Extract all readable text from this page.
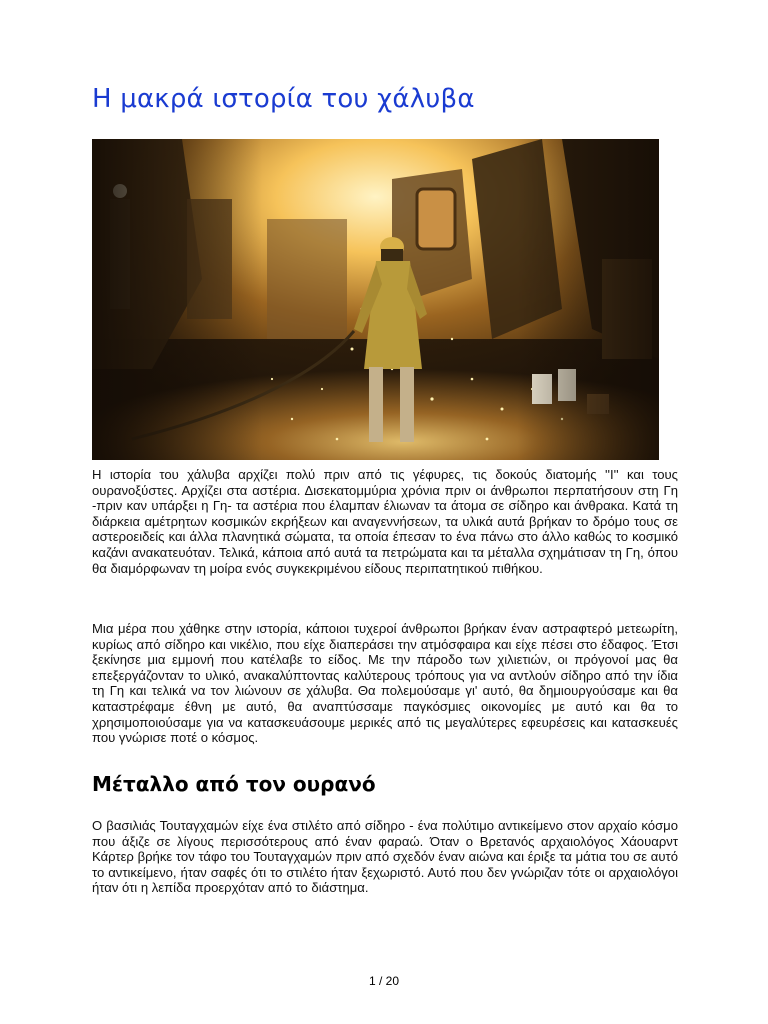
Η μακρά ιστορία του χάλυβα

Η ιστορία του χάλυβα αρχίζει πολύ πριν από τις γέφυρες, τις δοκούς διατομής ''Ι'' και τους ουρανοξύστες. Αρχίζει στα αστέρια. Δισεκατομμύρια χρόνια πριν οι άνθρωποι περπατήσουν στη Γη -πριν καν υπάρξει η Γη- τα αστέρια που έλαμπαν έλιωναν τα άτομα σε σίδηρο και άνθρακα. Κατά τη διάρκεια αμέτρητων κοσμικών εκρήξεων και αναγεννήσεων, τα υλικά αυτά βρήκαν το δρόμο τους σε αστεροειδείς και άλλα πλανητικά σώματα, τα οποία έπεσαν το ένα πάνω στο άλλο καθώς το κοσμικό καζάνι ανακατευόταν. Τελικά, κάποια από αυτά τα πετρώματα και τα μέταλλα σχημάτισαν τη Γη, όπου θα διαμόρφωναν τη μοίρα ενός συγκεκριμένου είδους περιπατητικού πιθήκου.

Μια μέρα που χάθηκε στην ιστορία, κάποιοι τυχεροί άνθρωποι βρήκαν έναν αστραφτερό μετεωρίτη, κυρίως από σίδηρο και νικέλιο, που είχε διαπεράσει την ατμόσφαιρα και είχε πέσει στο έδαφος. Έτσι ξεκίνησε μια εμμονή που κατέλαβε το είδος. Με την πάροδο των χιλιετιών, οι πρόγονοί μας θα επεξεργάζονταν το υλικό, ανακαλύπτοντας καλύτερους τρόπους για να αντλούν σίδηρο από την ίδια τη Γη και τελικά να τον λιώνουν σε χάλυβα. Θα πολεμούσαμε γι' αυτό, θα δημιουργούσαμε και θα καταστρέφαμε έθνη με αυτό, θα αναπτύσσαμε παγκόσμιες οικονομίες με αυτό και θα το χρησιμοποιούσαμε για να κατασκευάσουμε μερικές από τις μεγαλύτερες εφευρέσεις και κατασκευές που γνώρισε ποτέ ο κόσμος.

Μέταλλο από τον ουρανό

Ο βασιλιάς Τουταγχαμών είχε ένα στιλέτο από σίδηρο - ένα πολύτιμο αντικείμενο στον αρχαίο κόσμο που άξιζε σε λίγους περισσότερους από έναν φαραώ. Όταν ο Βρετανός αρχαιολόγος Χάουαρντ Κάρτερ βρήκε τον τάφο του Τουταγχαμών πριν από σχεδόν έναν αιώνα και έριξε τα μάτια του σε αυτό το αντικείμενο, ήταν σαφές ότι το στιλέτο ήταν ξεχωριστό. Αυτό που δεν γνώριζαν τότε οι αρχαιολόγοι ήταν ότι η λεπίδα προερχόταν από το διάστημα.

1 / 20
